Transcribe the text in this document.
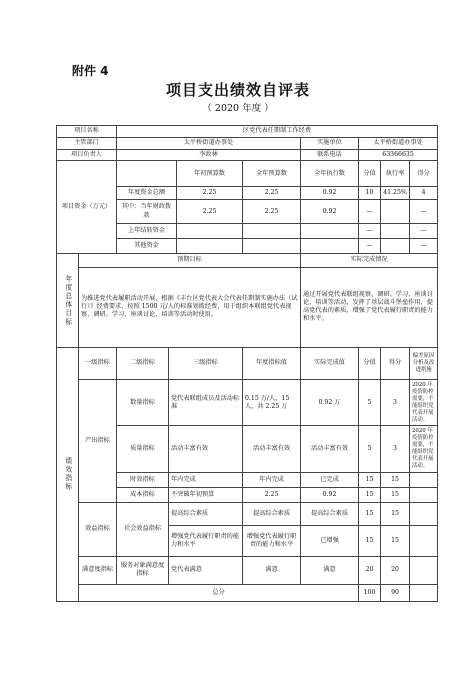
附件 4
项目支出绩效自评表
（ 2020 年度 ）
项目名称		区党代表任期制工作经费							
主管部门		太平桥街道办事处				实施单位	太平桥街道办事处		
项目负责人		李政林				联系电话	63366635		
项目资金（万元）				年初预算数	全年预算数	全年执行数	分值	执行率	得分
		年度资金总额		2.25	2.25	0.92	10	41.25%	4
		其中：当年财政拨款		2.25	2.25	0.92	—		—
		上年结转资金					—		—
		其他资金					—		—
年度总体目标	预期目标					实际完成情况			
	为推进党代表履职活动开展，根据《丰台区党代表大会代表任期制实施办法（试行）》经费要求，按照 1500 元/人的标准划拨经费，用于组织本联组党代表视察、调研、学习、座谈讨论、培训等活动时使用。					通过开展党代表联组视察、调研、学习、座谈讨论，培训等活动，发挥了基层战斗堡垒作用，提高党代表的素质，增强了党代表履行职责的能力和水平。			
绩效指标	一级指标	二级指标	三级指标		年度指标值	实际完成值	分值	得分	偏差原因分析及改进措施
	产出指标	数量指标	党代表联组成员及活动标准		0.15 万/人，15 人，共 2.25 万	0.92 万	5	3	2020 年疫情防控需要，不能组织党代表开展活动。
		质量指标	活动丰富有效		活动丰富有效	活动丰富有效	5	3	2020 年疫情防控需要，不能组织党代表开展活动。
		时效指标	年内完成		年内完成	已完成	15	15	
		成本指标	不突破年初预算		2.25	0.92	15	15	
	效益指标	社会效益指标	提高综合素质		提高综合素质	提高综合素质	15	15	
			增强党代表履行职责的能力和水平		增强党代表履行职责的能力和水平	已增强	15	15	
	满意度指标	服务对象满意度指标	党代表满意		满意	满意	20	20	
	总分						100	90	
